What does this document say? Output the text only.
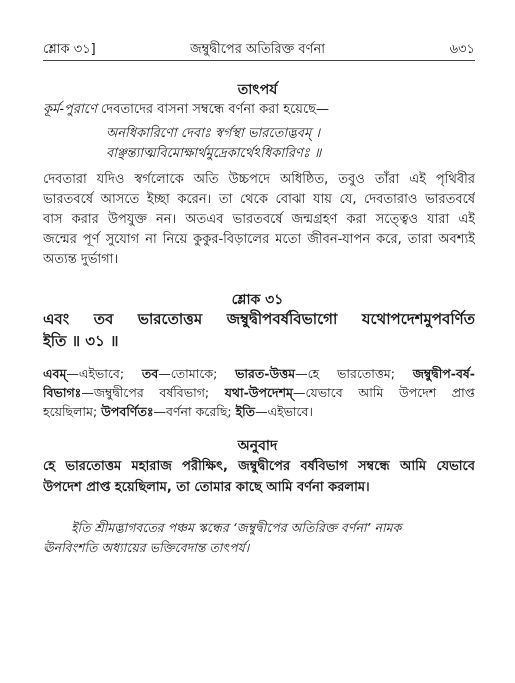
শ্লোক ৩১]	জম্বুদ্বীপের অতিরিক্ত বর্ণনা	৬৩১
তাৎপর্য
কূর্ম-পুরাণে দেবতাদের বাসনা সম্বন্ধে বর্ণনা করা হয়েছে—
অনধিকারিণো দেবাঃ স্বর্গস্থা ভারতোদ্ভবম্ ।
বাঞ্ছন্ত্যাত্মবিমোক্ষার্থমুদ্রেকার্থেঽধিকারিণঃ ॥
দেবতারা যদিও স্বর্গলোকে অতি উচ্চপদে অধিষ্ঠিত, তবুও তাঁরা এই পৃথিবীর
ভারতবর্ষে আসতে ইচ্ছা করেন। তা থেকে বোঝা যায় যে, দেবতারাও ভারতবর্ষে
বাস করার উপযুক্ত নন। অতএব ভারতবর্ষে জন্মগ্রহণ করা সত্ত্বেও যারা এই
জন্মের পূর্ণ সুযোগ না নিয়ে কুকুর-বিড়ালের মতো জীবন-যাপন করে, তারা অবশ্যই
অত্যন্ত দুর্ভাগা।
শ্লোক ৩১
এবং তব ভারতোত্তম জম্বুদ্বীপবর্ষবিভাগো যথোপদেশমুপবর্ণিত
ইতি ॥ ৩১ ॥
এবম্—এইভাবে; তব—তোমাকে; ভারত-উত্তম—হে ভারতোত্তম; জম্বুদ্বীপ-বর্ষ-
বিভাগঃ—জম্বুদ্বীপের বর্ষবিভাগ; যথা-উপদেশম্—যেভাবে আমি উপদেশ প্রাপ্ত
হয়েছিলাম; উপবর্ণিতঃ—বর্ণনা করেছি; ইতি—এইভাবে।
অনুবাদ
হে ভারতোত্তম মহারাজ পরীক্ষিৎ, জম্বুদ্বীপের বর্ষবিভাগ সম্বন্ধে আমি যেভাবে
উপদেশ প্রাপ্ত হয়েছিলাম, তা তোমার কাছে আমি বর্ণনা করলাম।
ইতি শ্রীমদ্ভাগবতের পঞ্চম স্কন্ধের ‘জম্বুদ্বীপের অতিরিক্ত বর্ণনা’ নামক
ঊনবিংশতি অধ্যায়ের ভক্তিবেদান্ত তাৎপর্য।
